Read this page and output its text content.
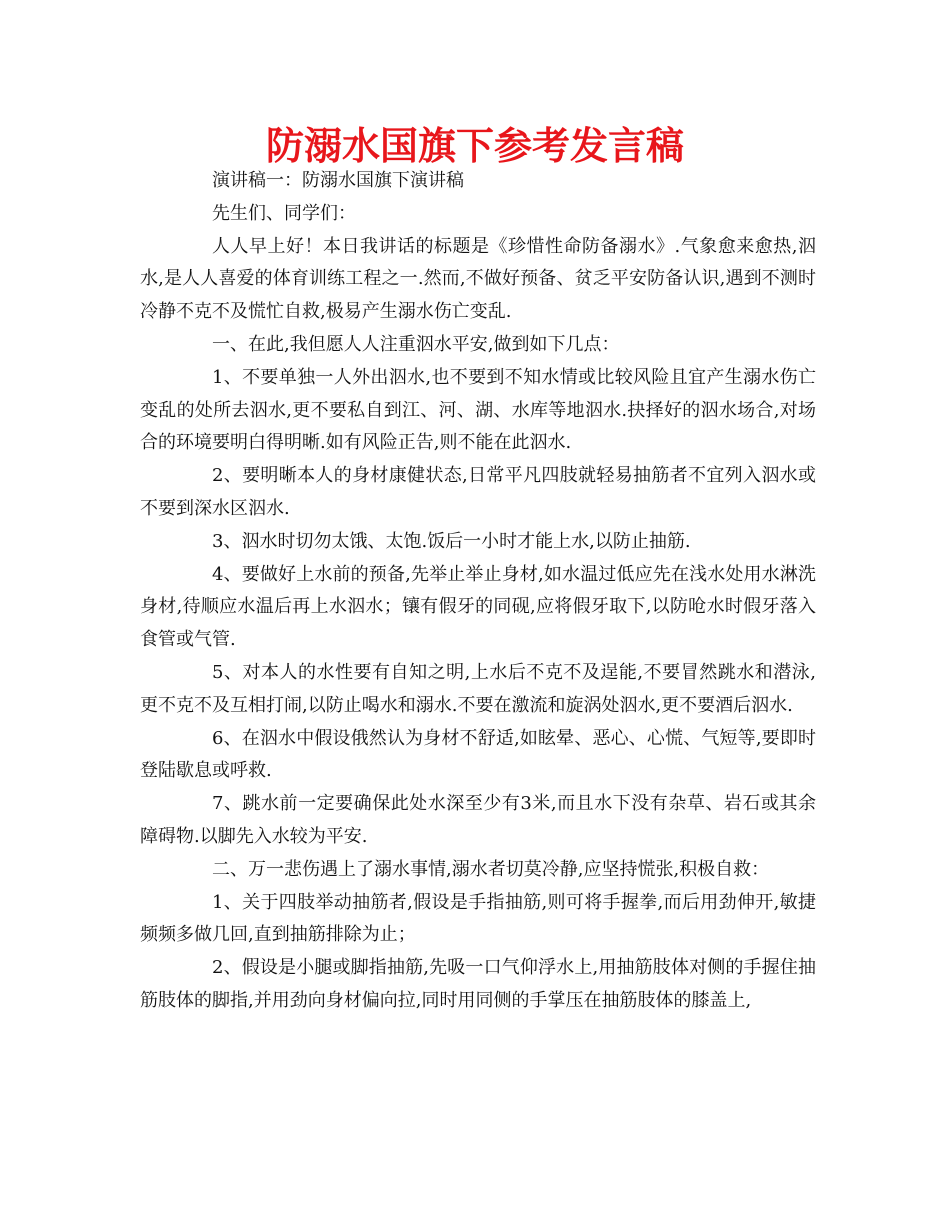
防溺水国旗下参考发言稿

演讲稿一：防溺水国旗下演讲稿

先生们、同学们：

人人早上好！本日我讲话的标题是《珍惜性命防备溺水》.气象愈来愈热,泅水,是人人喜爱的体育训练工程之一.然而,不做好预备、贫乏平安防备认识,遇到不测时冷静不克不及慌忙自救,极易产生溺水伤亡变乱.

一、在此,我但愿人人注重泅水平安,做到如下几点：

1、不要单独一人外出泅水,也不要到不知水情或比较风险且宜产生溺水伤亡变乱的处所去泅水,更不要私自到江、河、湖、水库等地泅水.抉择好的泅水场合,对场合的环境要明白得明晰.如有风险正告,则不能在此泅水.

2、要明晰本人的身材康健状态,日常平凡四肢就轻易抽筋者不宜列入泅水或不要到深水区泅水.

3、泅水时切勿太饿、太饱.饭后一小时才能上水,以防止抽筋.

4、要做好上水前的预备,先举止举止身材,如水温过低应先在浅水处用水淋洗身材,待顺应水温后再上水泅水；镶有假牙的同砚,应将假牙取下,以防呛水时假牙落入食管或气管.

5、对本人的水性要有自知之明,上水后不克不及逞能,不要冒然跳水和潜泳,更不克不及互相打闹,以防止喝水和溺水.不要在激流和旋涡处泅水,更不要酒后泅水.

6、在泅水中假设俄然认为身材不舒适,如眩晕、恶心、心慌、气短等,要即时登陆歇息或呼救.

7、跳水前一定要确保此处水深至少有3米,而且水下没有杂草、岩石或其余障碍物.以脚先入水较为平安.

二、万一悲伤遇上了溺水事情,溺水者切莫冷静,应坚持慌张,积极自救：

1、关于四肢举动抽筋者,假设是手指抽筋,则可将手握拳,而后用劲伸开,敏捷频频多做几回,直到抽筋排除为止；

2、假设是小腿或脚指抽筋,先吸一口气仰浮水上,用抽筋肢体对侧的手握住抽筋肢体的脚指,并用劲向身材偏向拉,同时用同侧的手掌压在抽筋肢体的膝盖上,
